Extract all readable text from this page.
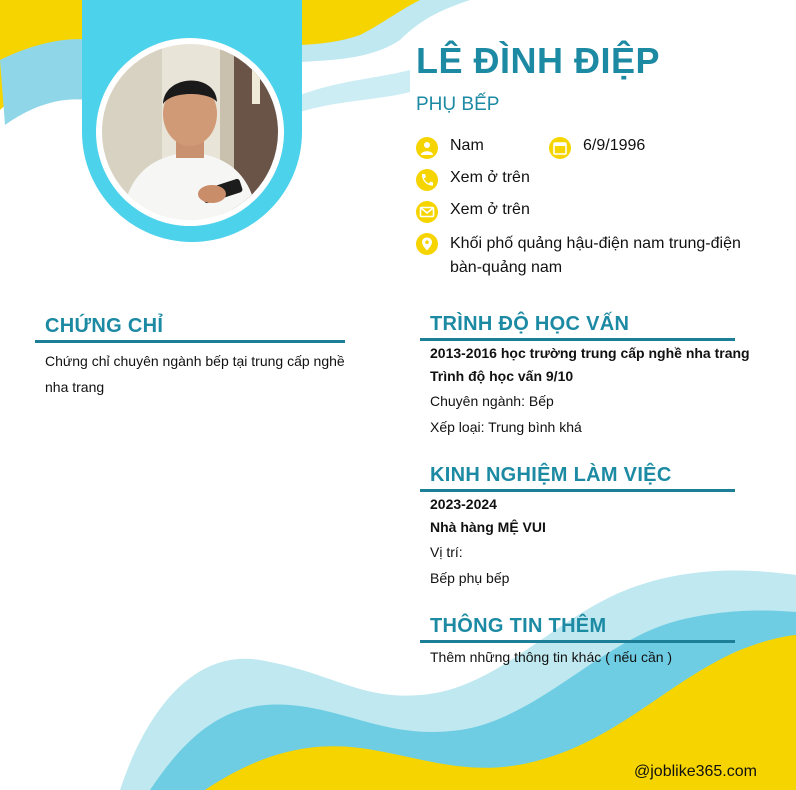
LÊ ĐÌNH ĐIỆP
PHỤ BẾP
Nam	6/9/1996
Xem ở trên
Xem ở trên
Khối phố quảng hậu-điện nam trung-điện
bàn-quảng nam
CHỨNG CHỈ
Chứng chỉ chuyên ngành bếp tại trung cấp nghề
nha trang
TRÌNH ĐỘ HỌC VẤN
2013-2016 học trường trung cấp nghề nha trang
Trình độ học vấn 9/10
Chuyên ngành: Bếp
Xếp loại: Trung bình khá
KINH NGHIỆM LÀM VIỆC
2023-2024
Nhà hàng MỆ VUI
Vị trí:
Bếp phụ bếp
THÔNG TIN THÊM
Thêm những thông tin khác ( nếu cần )
@joblike365.com
